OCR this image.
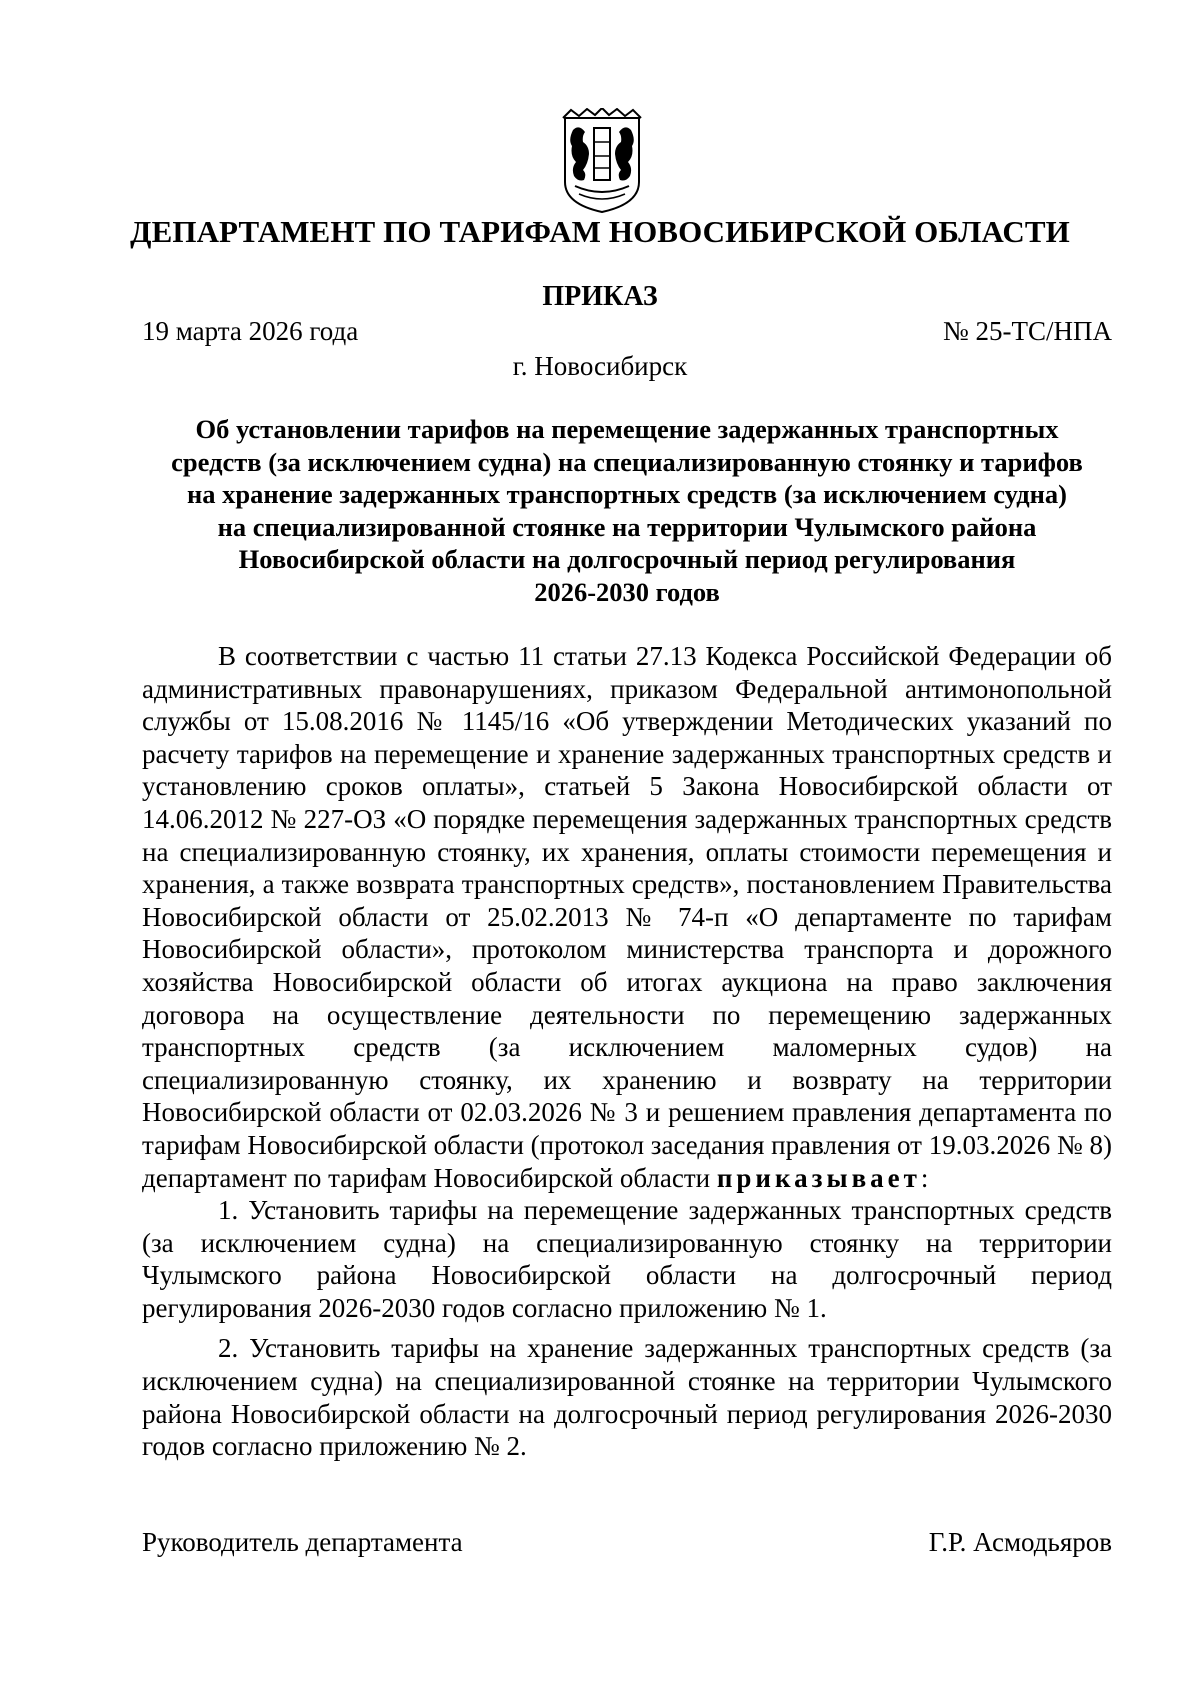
ДЕПАРТАМЕНТ ПО ТАРИФАМ НОВОСИБИРСКОЙ ОБЛАСТИ
ПРИКАЗ
19 марта 2026 года	№ 25-ТС/НПА
г. Новосибирск
Об установлении тарифов на перемещение задержанных транспортных
средств (за исключением судна) на специализированную стоянку и тарифов
на хранение задержанных транспортных средств (за исключением судна)
на специализированной стоянке на территории Чулымского района
Новосибирской области на долгосрочный период регулирования
2026-2030 годов

В соответствии с частью 11 статьи 27.13 Кодекса Российской Федерации об административных правонарушениях, приказом Федеральной антимонопольной службы от 15.08.2016 № 1145/16 «Об утверждении Методических указаний по расчету тарифов на перемещение и хранение задержанных транспортных средств и установлению сроков оплаты», статьей 5 Закона Новосибирской области от 14.06.2012 № 227-ОЗ «О порядке перемещения задержанных транспортных средств на специализированную стоянку, их хранения, оплаты стоимости перемещения и хранения, а также возврата транспортных средств», постановлением Правительства Новосибирской области от 25.02.2013 № 74-п «О департаменте по тарифам Новосибирской области», протоколом министерства транспорта и дорожного хозяйства Новосибирской области об итогах аукциона на право заключения договора на осуществление деятельности по перемещению задержанных транспортных средств (за исключением маломерных судов) на специализированную стоянку, их хранению и возврату на территории Новосибирской области от 02.03.2026 № 3 и решением правления департамента по тарифам Новосибирской области (протокол заседания правления от 19.03.2026 № 8)

департамент по тарифам Новосибирской области приказывает:

1. Установить тарифы на перемещение задержанных транспортных средств (за исключением судна) на специализированную стоянку на территории Чулымского района Новосибирской области на долгосрочный период регулирования 2026-2030 годов согласно приложению № 1.

2. Установить тарифы на хранение задержанных транспортных средств (за исключением судна) на специализированной стоянке на территории Чулымского района Новосибирской области на долгосрочный период регулирования 2026-2030 годов согласно приложению № 2.

Руководитель департамента	Г.Р. Асмодьяров
